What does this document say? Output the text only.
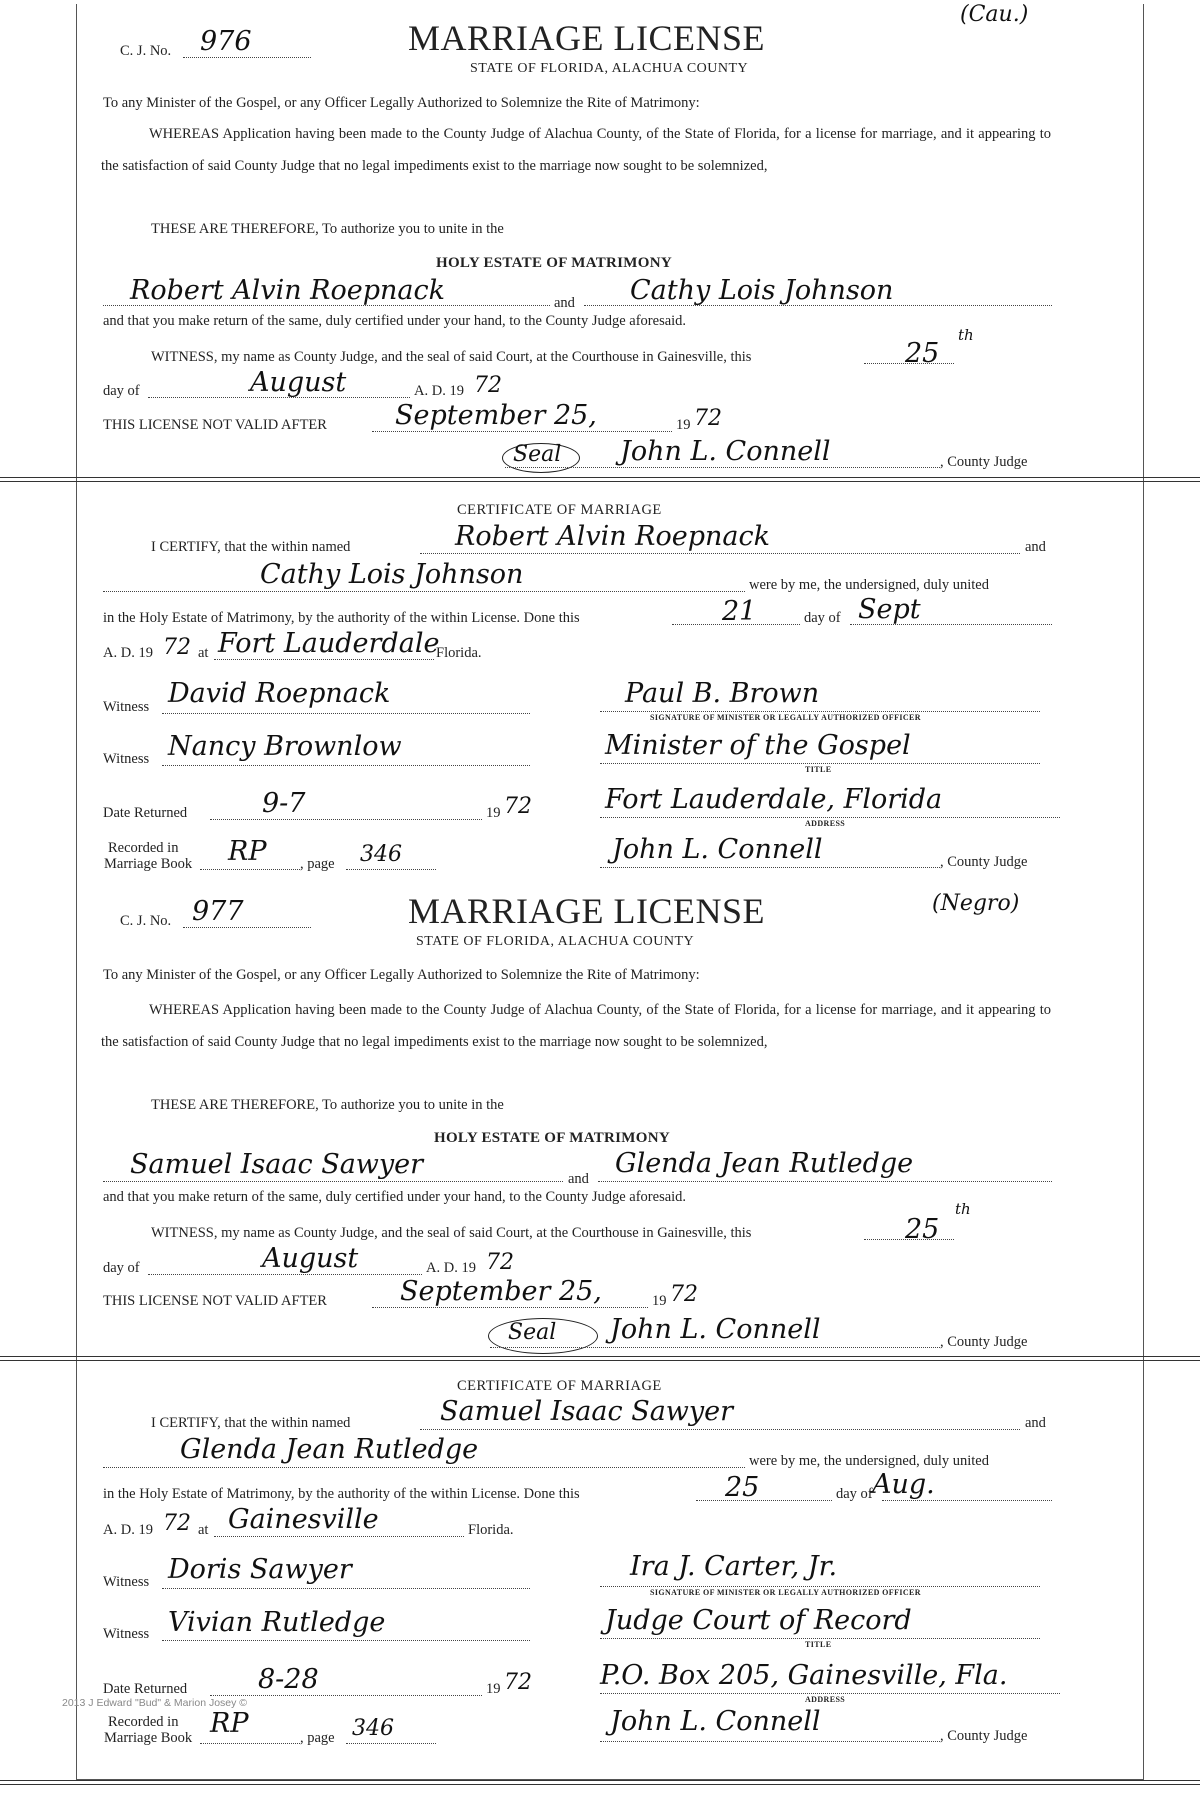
C. J. No. 976	MARRIAGE LICENSE
(Cau.)
STATE OF FLORIDA, ALACHUA COUNTY
To any Minister of the Gospel, or any Officer Legally Authorized to Solemnize the Rite of Matrimony:
WHEREAS Application having been made to the County Judge of Alachua County, of the State of Florida, for a license for marriage, and it appearing to the satisfaction of said County Judge that no legal impediments exist to the marriage now sought to be solemnized,
THESE ARE THEREFORE, To authorize you to unite in the
HOLY ESTATE OF MATRIMONY
Robert Alvin Roepnack	and Cathy Lois Johnson
and that you make return of the same, duly certified under your hand, to the County Judge aforesaid.
WITNESS, my name as County Judge, and the seal of said Court, at the Courthouse in Gainesville, this	25
th
day of	August	A. D. 19 72
THIS LICENSE NOT VALID AFTER	September 25,	19 72
Seal John L. Connell	, County Judge
CERTIFICATE OF MARRIAGE
I CERTIFY, that the within named	Robert Alvin Roepnack	and
Cathy Lois Johnson	were by me, the undersigned, duly united
in the Holy Estate of Matrimony, by the authority of the within License. Done this	21	day of Sept
A. D. 19 72 at Fort Lauderdale
Florida.
Witness David Roepnack	Paul B. Brown
SIGNATURE OF MINISTER OR LEGALLY AUTHORIZED OFFICER
Witness Nancy Brownlow	Minister of the Gospel
TITLE
Date Returned	9-7	19 72	Fort Lauderdale, Florida
ADDRESS
Recorded in
Marriage Book RP , page 346	John L. Connell	, County Judge
C. J. No. 977	MARRIAGE LICENSE	(Negro)
STATE OF FLORIDA, ALACHUA COUNTY
To any Minister of the Gospel, or any Officer Legally Authorized to Solemnize the Rite of Matrimony:
WHEREAS Application having been made to the County Judge of Alachua County, of the State of Florida, for a license for marriage, and it appearing to the satisfaction of said County Judge that no legal impediments exist to the marriage now sought to be solemnized,
THESE ARE THEREFORE, To authorize you to unite in the
HOLY ESTATE OF MATRIMONY
Samuel Isaac Sawyer	and Glenda Jean Rutledge
and that you make return of the same, duly certified under your hand, to the County Judge aforesaid.
WITNESS, my name as County Judge, and the seal of said Court, at the Courthouse in Gainesville, this	25
th
day of	August	A. D. 19 72
THIS LICENSE NOT VALID AFTER	September 25,	19 72
Seal John L. Connell	, County Judge
CERTIFICATE OF MARRIAGE
I CERTIFY, that the within named	Samuel Isaac Sawyer	and
Glenda Jean Rutledge	were by me, the undersigned, duly united
in the Holy Estate of Matrimony, by the authority of the within License. Done this	25	day of Aug.
A. D. 19 72 at Gainesville	Florida.
Witness Doris Sawyer	Ira J. Carter, Jr.
SIGNATURE OF MINISTER OR LEGALLY AUTHORIZED OFFICER
Witness Vivian Rutledge	Judge Court of Record
TITLE
Date Returned	8-28	19 72	P.O. Box 205, Gainesville, Fla.
ADDRESS
Recorded in
Marriage Book RP	, page 346	John L. Connell	, County Judge
2013 J Edward "Bud" & Marion Josey ©
